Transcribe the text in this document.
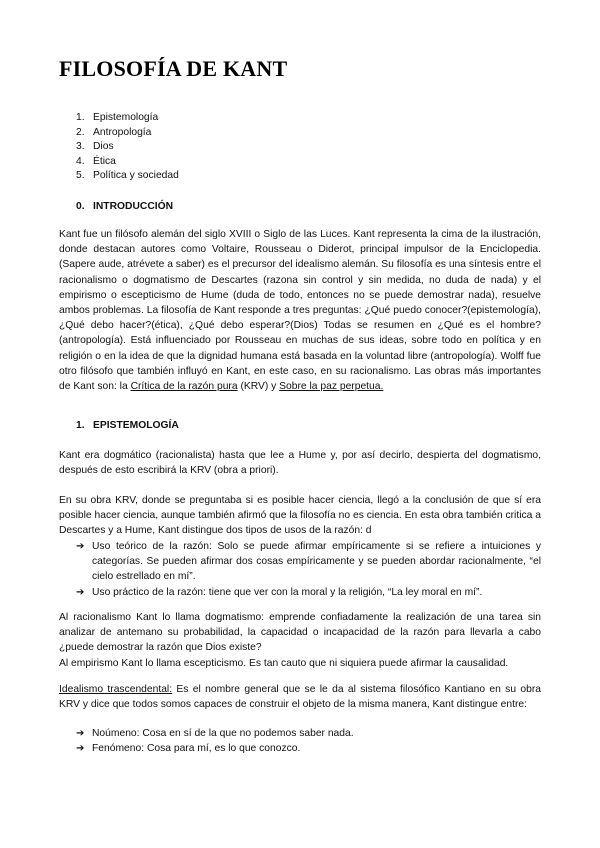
FILOSOFÍA DE KANT
1. Epistemología
2. Antropología
3. Dios
4. Ética
5. Política y sociedad
0. INTRODUCCIÓN

Kant fue un filósofo alemán del siglo XVIII o Siglo de las Luces. Kant representa la cima de la ilustración, donde destacan autores como Voltaire, Rousseau o Diderot, principal impulsor de la Enciclopedia. (Sapere aude, atrévete a saber) es el precursor del idealismo alemán. Su filosofía es una síntesis entre el racionalismo o dogmatismo de Descartes (razona sin control y sin medida, no duda de nada) y el empirismo o escepticismo de Hume (duda de todo, entonces no se puede demostrar nada), resuelve ambos problemas. La filosofía de Kant responde a tres preguntas: ¿Qué puedo conocer?(epistemología), ¿Qué debo hacer?(ética), ¿Qué debo esperar?(Dios) Todas se resumen en ¿Qué es el hombre?(antropología). Está influenciado por Rousseau en muchas de sus ideas, sobre todo en política y en religión o en la idea de que la dignidad humana está basada en la voluntad libre (antropología). Wolff fue otro filósofo que también influyó en Kant, en este caso, en su racionalismo. Las obras más importantes de Kant son: la Crítica de la razón pura (KRV) y Sobre la paz perpetua.

1. EPISTEMOLOGÍA

Kant era dogmático (racionalista) hasta que lee a Hume y, por así decirlo, despierta del dogmatismo, después de esto escribirá la KRV (obra a priori).

En su obra KRV, donde se preguntaba si es posible hacer ciencia, llegó a la conclusión de que sí era posible hacer ciencia, aunque también afirmó que la filosofía no es ciencia. En esta obra también critica a Descartes y a Hume, Kant distingue dos tipos de usos de la razón: d

➔ Uso teórico de la razón: Solo se puede afirmar empíricamente si se refiere a intuiciones y categorías. Se pueden afirmar dos cosas empíricamente y se pueden abordar racionalmente, “el cielo estrellado en mí”.
➔ Uso práctico de la razón: tiene que ver con la moral y la religión, “La ley moral en mí”.

Al racionalismo Kant lo llama dogmatismo: emprende confiadamente la realización de una tarea sin analizar de antemano su probabilidad, la capacidad o incapacidad de la razón para llevarla a cabo ¿puede demostrar la razón que Dios existe?
Al empirismo Kant lo llama escepticismo. Es tan cauto que ni siquiera puede afirmar la causalidad.

Idealismo trascendental: Es el nombre general que se le da al sistema filosófico Kantiano en su obra KRV y dice que todos somos capaces de construir el objeto de la misma manera, Kant distingue entre:

➔ Noúmeno: Cosa en sí de la que no podemos saber nada.
➔ Fenómeno: Cosa para mí, es lo que conozco.
